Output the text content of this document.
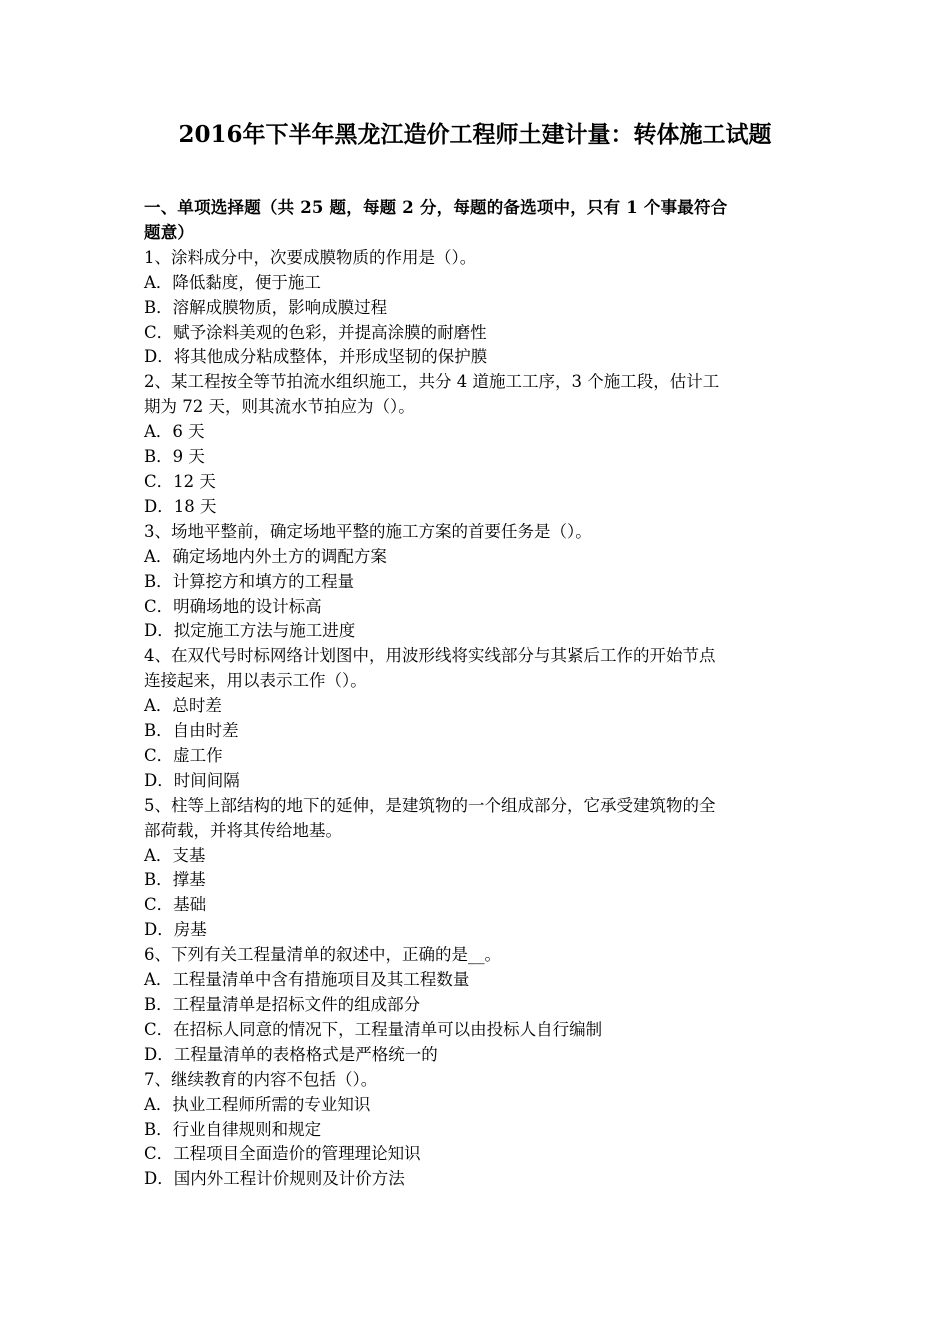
2016年下半年黑龙江造价工程师土建计量：转体施工试题
一、单项选择题（共 25 题，每题 2 分，每题的备选项中，只有 1 个事最符合
题意）
1、涂料成分中，次要成膜物质的作用是（）。
A．降低黏度，便于施工
B．溶解成膜物质，影响成膜过程
C．赋予涂料美观的色彩，并提高涂膜的耐磨性
D．将其他成分粘成整体，并形成坚韧的保护膜
2、某工程按全等节拍流水组织施工，共分 4 道施工工序，3 个施工段，估计工
期为 72 天，则其流水节拍应为（）。
A．6 天
B．9 天
C．12 天
D．18 天
3、场地平整前，确定场地平整的施工方案的首要任务是（）。
A．确定场地内外土方的调配方案
B．计算挖方和填方的工程量
C．明确场地的设计标高
D．拟定施工方法与施工进度
4、在双代号时标网络计划图中，用波形线将实线部分与其紧后工作的开始节点
连接起来，用以表示工作（）。
A．总时差
B．自由时差
C．虚工作
D．时间间隔
5、柱等上部结构的地下的延伸，是建筑物的一个组成部分，它承受建筑物的全
部荷载，并将其传给地基。
A．支基
B．撑基
C．基础
D．房基
6、下列有关工程量清单的叙述中，正确的是__。
A．工程量清单中含有措施项目及其工程数量
B．工程量清单是招标文件的组成部分
C．在招标人同意的情况下，工程量清单可以由投标人自行编制
D．工程量清单的表格格式是严格统一的
7、继续教育的内容不包括（）。
A．执业工程师所需的专业知识
B．行业自律规则和规定
C．工程项目全面造价的管理理论知识
D．国内外工程计价规则及计价方法
